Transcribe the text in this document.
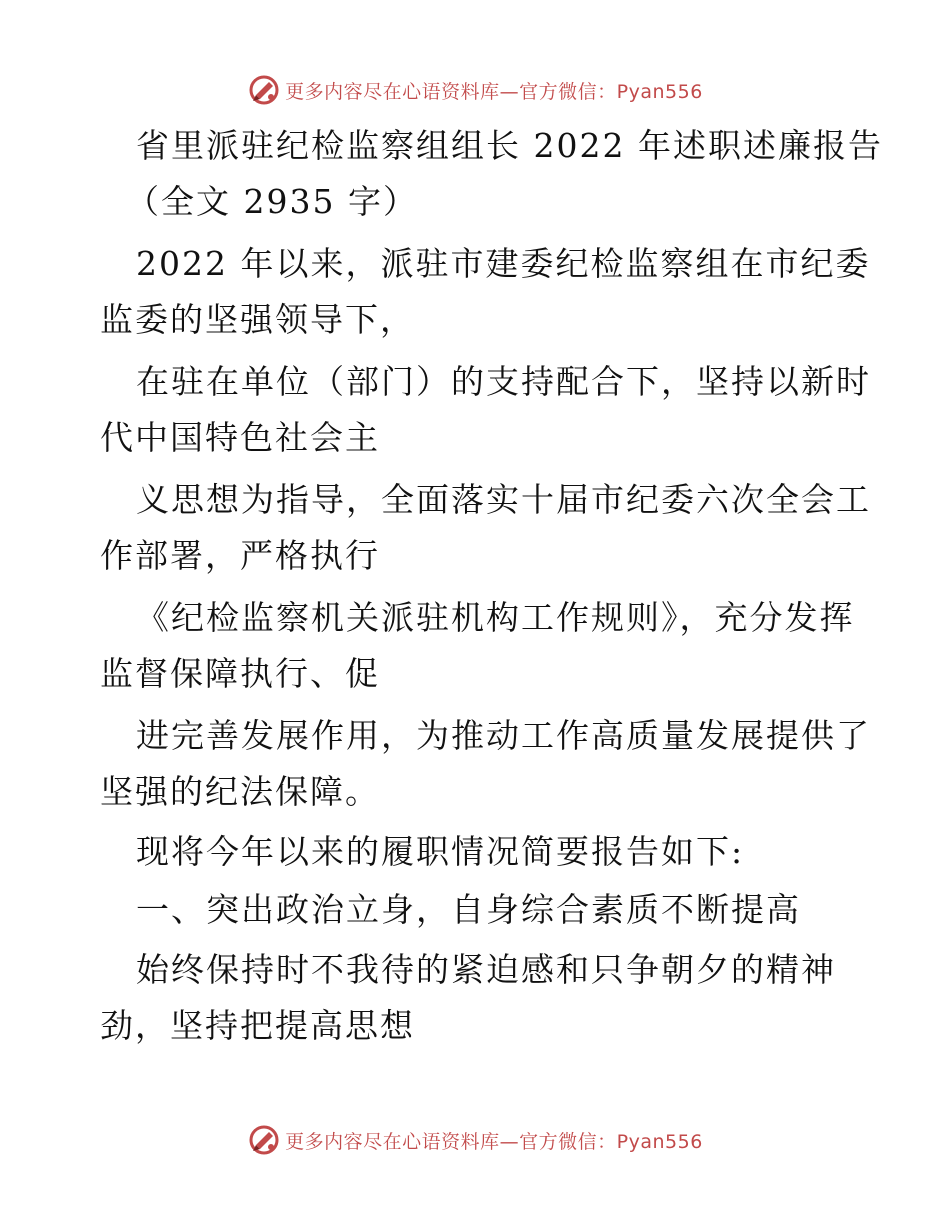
更多内容尽在心语资料库—官方微信：Pyan556
省里派驻纪检监察组组长 2022 年述职述廉报告
（全文 2935 字）
2022 年以来，派驻市建委纪检监察组在市纪委
监委的坚强领导下，
在驻在单位（部门）的支持配合下，坚持以新时
代中国特色社会主
义思想为指导，全面落实十届市纪委六次全会工
作部署，严格执行
《纪检监察机关派驻机构工作规则》，充分发挥
监督保障执行、促
进完善发展作用，为推动工作高质量发展提供了
坚强的纪法保障。
现将今年以来的履职情况简要报告如下:
一、突出政治立身，自身综合素质不断提高
始终保持时不我待的紧迫感和只争朝夕的精神
劲，坚持把提高思想
更多内容尽在心语资料库—官方微信：Pyan556
